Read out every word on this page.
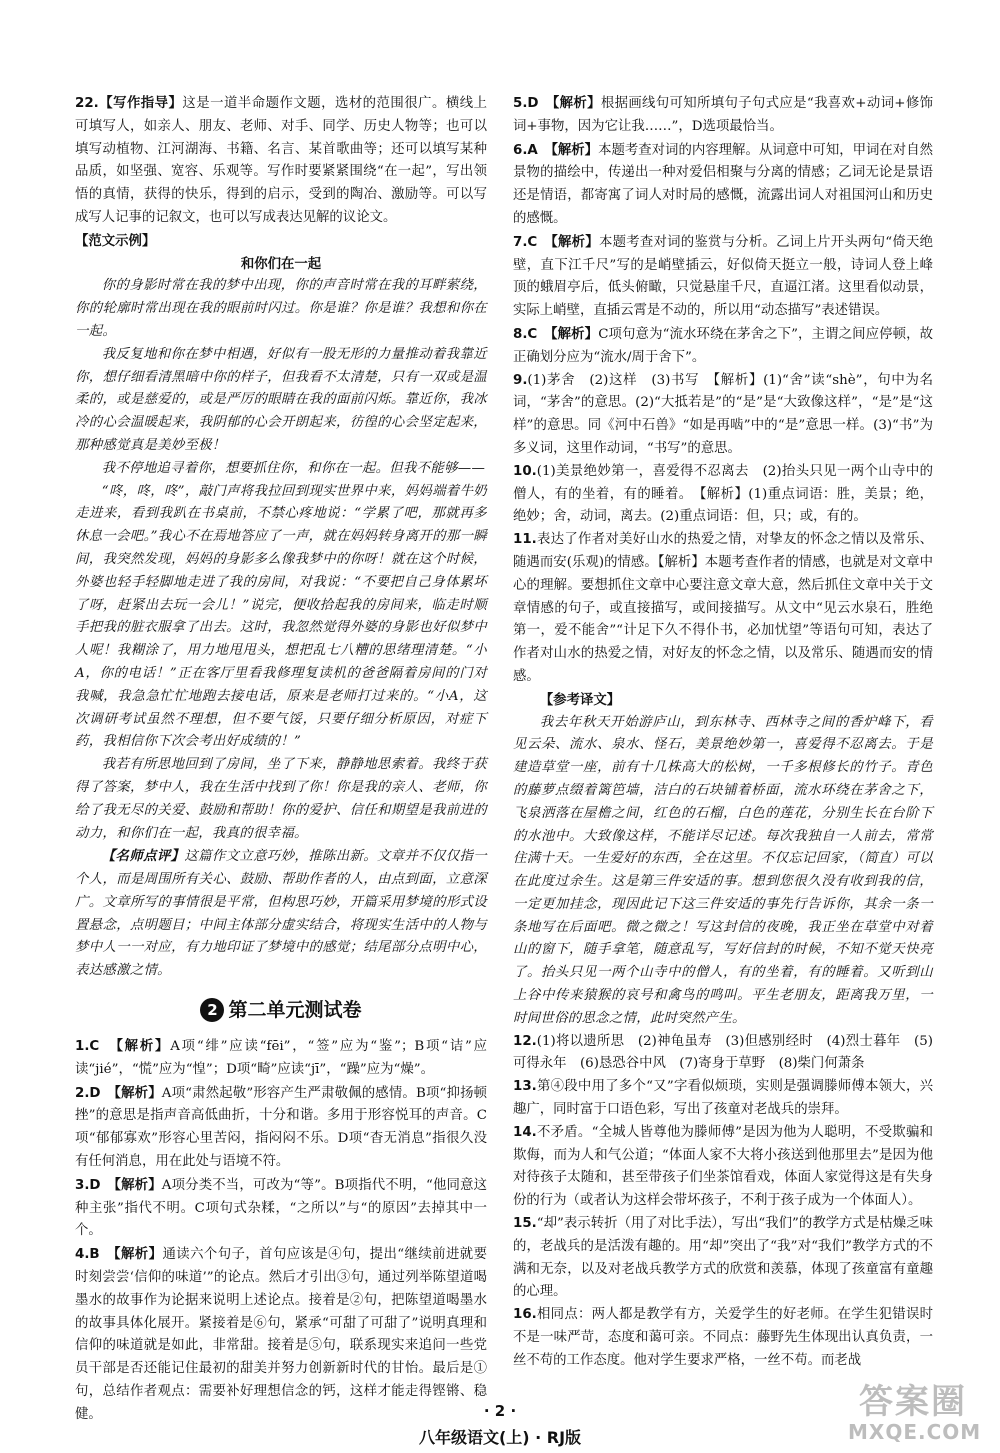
22.【写作指导】这是一道半命题作文题，选材的范围很广。横线上可填写人，如亲人、朋友、老师、对手、同学、历史人物等；也可以填写动植物、江河湖海、书籍、名言、某首歌曲等；还可以填写某种品质，如坚强、宽容、乐观等。写作时要紧紧围绕“在一起”，写出领悟的真情，获得的快乐，得到的启示，受到的陶冶、激励等。可以写成写人记事的记叙文，也可以写成表达见解的议论文。

【范文示例】

和你们在一起

你的身影时常在我的梦中出现，你的声音时常在我的耳畔萦绕，你的轮廓时常出现在我的眼前时闪过。你是谁？你是谁？我想和你在一起。

我反复地和你在梦中相遇，好似有一股无形的力量推动着我靠近你，想仔细看清黑暗中你的样子，但我看不太清楚，只有一双或是温柔的，或是慈爱的，或是严厉的眼睛在我的面前闪烁。靠近你，我冰冷的心会温暖起来，我阴郁的心会开朗起来，彷徨的心会坚定起来，那种感觉真是美妙至极！

我不停地追寻着你，想要抓住你，和你在一起。但我不能够——

“咚，咚，咚”，敲门声将我拉回到现实世界中来，妈妈端着牛奶走进来，看到我趴在书桌前，不禁心疼地说：“学累了吧，那就再多休息一会吧。”我心不在焉地答应了一声，就在妈妈转身离开的那一瞬间，我突然发现，妈妈的身影多么像我梦中的你呀！就在这个时候，外婆也轻手轻脚地走进了我的房间，对我说：“不要把自己身体累坏了呀，赶紧出去玩一会儿！”说完，便收拾起我的房间来，临走时顺手把我的脏衣服拿了出去。这时，我忽然觉得外婆的身影也好似梦中人呢！我糊涂了，用力地甩甩头，想把乱七八糟的思绪理清楚。“小A，你的电话！”正在客厅里看我修理复读机的爸爸隔着房间的门对我喊，我急急忙忙地跑去接电话，原来是老师打过来的。“小A，这次调研考试虽然不理想，但不要气馁，只要仔细分析原因，对症下药，我相信你下次会考出好成绩的！”

我若有所思地回到了房间，坐了下来，静静地思索着。我终于获得了答案，梦中人，我在生活中找到了你！你是我的亲人、老师，你给了我无尽的关爱、鼓励和帮助！你的爱护、信任和期望是我前进的动力，和你们在一起，我真的很幸福。

【名师点评】这篇作文立意巧妙，推陈出新。文章并不仅仅指一个人，而是周围所有关心、鼓励、帮助作者的人，由点到面，立意深广。文章所写的事情很是平常，但构思巧妙，开篇采用梦境的形式设置悬念，点明题目；中间主体部分虚实结合，将现实生活中的人物与梦中人一一对应，有力地印证了梦境中的感觉；结尾部分点明中心，表达感激之情。

2 第二单元测试卷

1.C　 【解析】A项“绯”应读“fēi”，“签”应为“鉴”；B项“诘”应读“jié”，“慌”应为“惶”；D项“畸”应读“jī”，“躁”应为“燥”。

2.D　 【解析】A项“肃然起敬”形容产生严肃敬佩的感情。B项“抑扬顿挫”的意思是指声音高低曲折，十分和谐。多用于形容悦耳的声音。C项“郁郁寡欢”形容心里苦闷，指闷闷不乐。D项“杳无消息”指很久没有任何消息，用在此处与语境不符。

3.D　 【解析】A项分类不当，可改为“等”。B项指代不明，“他同意这种主张”指代不明。C项句式杂糅，“之所以”与“的原因”去掉其中一个。

4.B　 【解析】通读六个句子，首句应该是④句，提出“继续前进就要时刻尝尝‘信仰的味道’”的论点。然后才引出③句，通过列举陈望道喝墨水的故事作为论据来说明上述论点。接着是②句，把陈望道喝墨水的故事具体化展开。紧接着是⑥句，紧承“可甜了可甜了”说明真理和信仰的味道就是如此，非常甜。接着是⑤句，联系现实来追问一些党员干部是否还能记住最初的甜美并努力创新新时代的甘怡。最后是①句，总结作者观点：需要补好理想信念的钙，这样才能走得铿锵、稳健。

5.D　 【解析】根据画线句可知所填句子句式应是“我喜欢+动词+修饰词+事物，因为它让我……”，D选项最恰当。

6.A　 【解析】本题考查对词的内容理解。从词意中可知，甲词在对自然景物的描绘中，传递出一种对爱侣相聚与分离的情感；乙词无论是景语还是情语，都寄寓了词人对时局的感慨，流露出词人对祖国河山和历史的感慨。

7.C　 【解析】本题考查对词的鉴赏与分析。乙词上片开头两句“倚天绝壁，直下江千尺”写的是峭壁插云，好似倚天挺立一般，诗词人登上峰顶的蛾眉亭后，低头俯瞰，只觉悬崖千尺，直逼江渚。这里看似动景，实际上峭壁，直插云霄是不动的，所以用“动态描写”表述错误。

8.C　 【解析】C项句意为“流水环绕在茅舍之下”，主谓之间应停顿，故正确划分应为“流水/周于舍下”。

9.(1)茅舍　(2)这样　(3)书写　【解析】(1)“舍”读“shè”，句中为名词，“茅舍”的意思。(2)“大抵若是”的“是”是“大致像这样”，“是”是“这样”的意思。同《河中石兽》“如是再啮”中的“是”意思一样。(3)“书”为多义词，这里作动词，“书写”的意思。

10.(1)美景绝妙第一，喜爱得不忍离去　(2)抬头只见一两个山寺中的僧人，有的坐着，有的睡着。　【解析】(1)重点词语：胜，美景；绝，绝妙；舍，动词，离去。(2)重点词语：但，只；或，有的。

11.表达了作者对美好山水的热爱之情，对挚友的怀念之情以及常乐、随遇而安(乐观)的情感。【解析】本题考查作者的情感，也就是对文章中心的理解。要想抓住文章中心要注意文章大意，然后抓住文章中关于文章情感的句子，或直接描写，或间接描写。从文中“见云水泉石，胜绝第一，爱不能舍”“计足下久不得仆书，必加忧望”等语句可知，表达了作者对山水的热爱之情，对好友的怀念之情，以及常乐、随遇而安的情感。

【参考译文】

我去年秋天开始游庐山，到东林寺、西林寺之间的香炉峰下，看见云朵、流水、泉水、怪石，美景绝妙第一，喜爱得不忍离去。于是建造草堂一座，前有十几株高大的松树，一千多根修长的竹子。青色的藤萝点缀着篱笆墙，洁白的石块铺着桥面，流水环绕在茅舍之下，飞泉洒落在屋檐之间，红色的石榴，白色的莲花，分别生长在台阶下的水池中。大致像这样，不能详尽记述。每次我独自一人前去，常常住满十天。一生爱好的东西，全在这里。不仅忘记回家，（简直）可以在此度过余生。这是第三件安适的事。想到您很久没有收到我的信，一定更加挂念，现因此记下这三件安适的事先行告诉你，其余一条一条地写在后面吧。微之微之！写这封信的夜晚，我正坐在草堂中对着山的窗下，随手拿笔，随意乱写，写好信封的时候，不知不觉天快亮了。抬头只见一两个山寺中的僧人，有的坐着，有的睡着。又听到山上谷中传来猿猴的哀号和禽鸟的鸣叫。平生老朋友，距离我万里，一时间世俗的思念之情，此时突然产生。

12.(1)将以遗所思　(2)神龟虽寿　(3)但感别经时　(4)烈士暮年　(5)可得永年　(6)恳恐谷中风　(7)寄身于草野　(8)柴门何萧条

13.第④段中用了多个“又”字看似烦琐，实则是强调滕师傅本领大，兴趣广，同时富于口语色彩，写出了孩童对老战兵的崇拜。

14.不矛盾。“全城人皆尊他为滕师傅”是因为他为人聪明，不受欺骗和欺侮，而为人和气公道；“体面人家不大将小孩送到他那里去”是因为他对待孩子太随和，甚至带孩子们坐茶馆看戏，体面人家觉得这是有失身份的行为（或者认为这样会带坏孩子，不利于孩子成为一个体面人）。

15.“却”表示转折（用了对比手法），写出“我们”的教学方式是枯燥乏味的，老战兵的是活泼有趣的。用“却”突出了“我”对“我们”教学方式的不满和无奈，以及对老战兵教学方式的欣赏和羡慕，体现了孩童富有童趣的心理。

16.相同点：两人都是教学有方，关爱学生的好老师。在学生犯错误时不是一味严苛，态度和蔼可亲。不同点：藤野先生体现出认真负责，一丝不苟的工作态度。他对学生要求严格，一丝不苟。而老战

· 2 ·
八年级语文(上) · RJ版
答案圈
MXQE.COM
